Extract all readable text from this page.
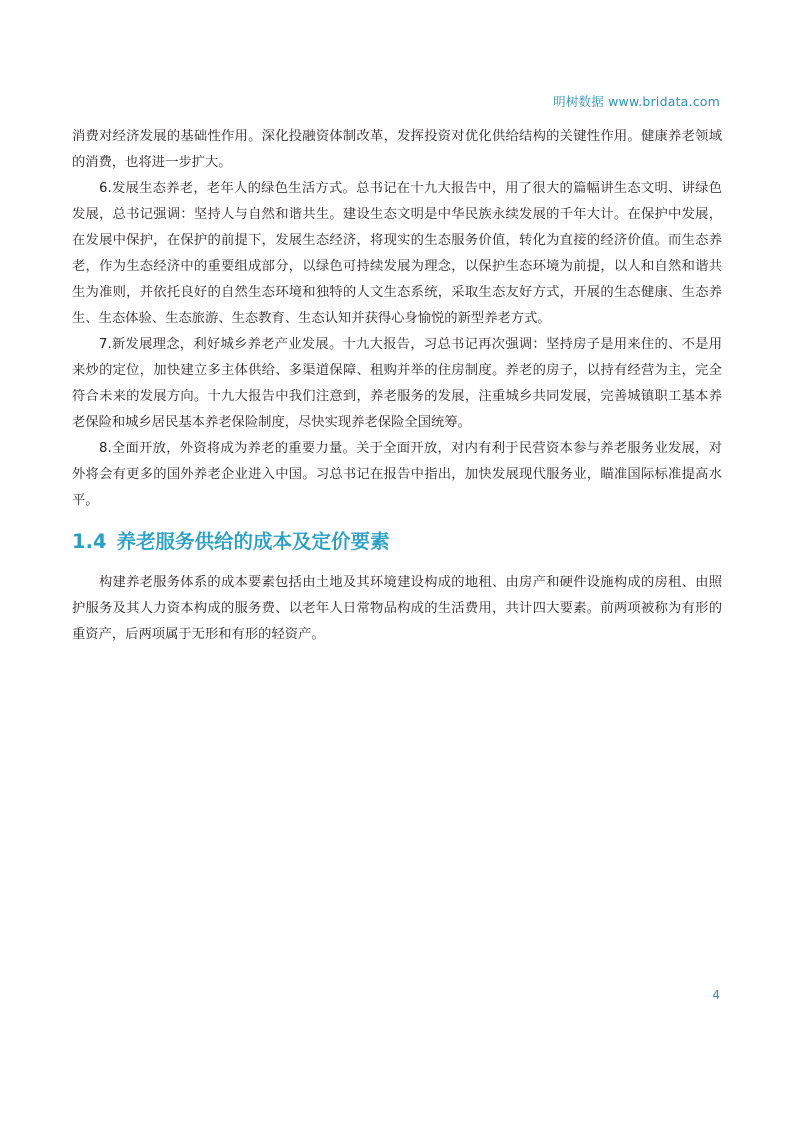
明树数据 www.bridata.com

消费对经济发展的基础性作用。深化投融资体制改革，发挥投资对优化供给结构的关键性作用。健康养老领域的消费，也将进一步扩大。

6.发展生态养老，老年人的绿色生活方式。总书记在十九大报告中，用了很大的篇幅讲生态文明、讲绿色发展，总书记强调：坚持人与自然和谐共生。建设生态文明是中华民族永续发展的千年大计。在保护中发展，在发展中保护，在保护的前提下，发展生态经济，将现实的生态服务价值，转化为直接的经济价值。而生态养老，作为生态经济中的重要组成部分，以绿色可持续发展为理念，以保护生态环境为前提，以人和自然和谐共生为准则，并依托良好的自然生态环境和独特的人文生态系统，采取生态友好方式，开展的生态健康、生态养生、生态体验、生态旅游、生态教育、生态认知并获得心身愉悦的新型养老方式。

7.新发展理念，利好城乡养老产业发展。十九大报告，习总书记再次强调：坚持房子是用来住的、不是用来炒的定位，加快建立多主体供给、多渠道保障、租购并举的住房制度。养老的房子，以持有经营为主，完全符合未来的发展方向。十九大报告中我们注意到，养老服务的发展，注重城乡共同发展，完善城镇职工基本养老保险和城乡居民基本养老保险制度，尽快实现养老保险全国统筹。

8.全面开放，外资将成为养老的重要力量。关于全面开放，对内有利于民营资本参与养老服务业发展，对外将会有更多的国外养老企业进入中国。习总书记在报告中指出，加快发展现代服务业，瞄准国际标准提高水平。

1.4 养老服务供给的成本及定价要素

构建养老服务体系的成本要素包括由土地及其环境建设构成的地租、由房产和硬件设施构成的房租、由照护服务及其人力资本构成的服务费、以老年人日常物品构成的生活费用，共计四大要素。前两项被称为有形的重资产，后两项属于无形和有形的轻资产。

4
